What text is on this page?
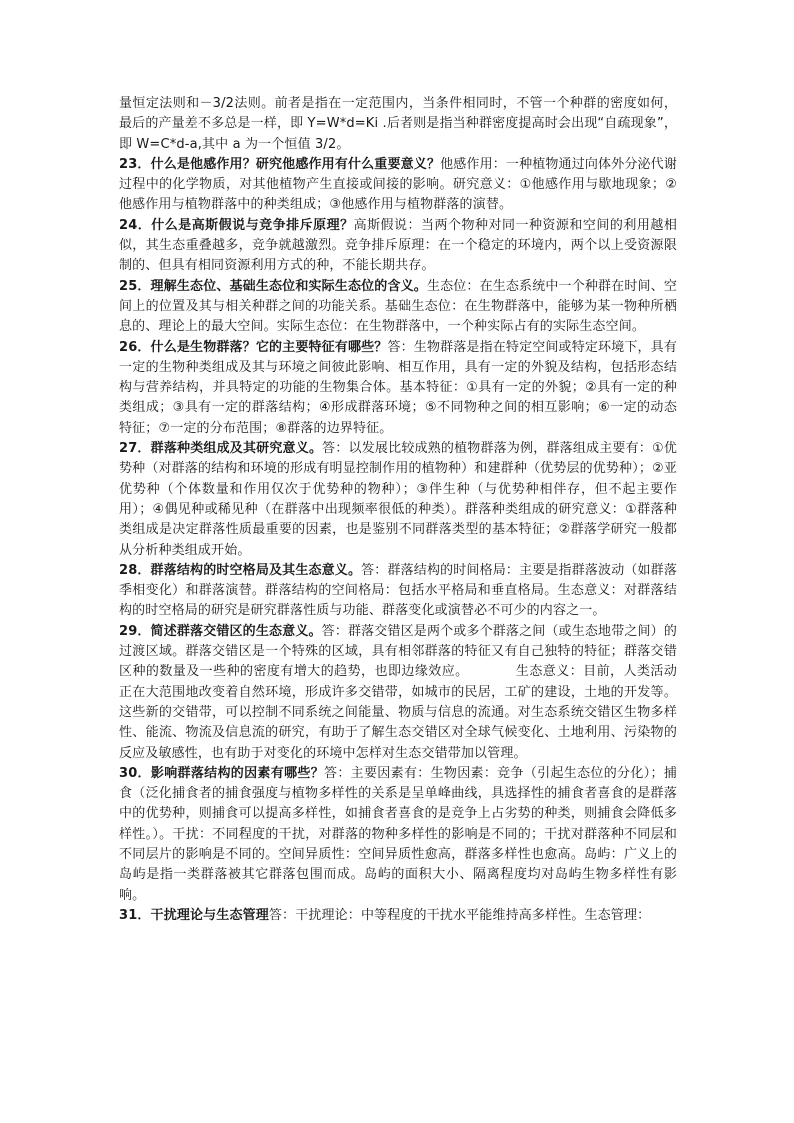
量恒定法则和－3/2法则。前者是指在一定范围内，当条件相同时，不管一个种群的密度如何，最后的产量差不多总是一样，即 Y=W*d=Ki .后者则是指当种群密度提高时会出现“自疏现象”，即 W=C*d-a,其中 a 为一个恒值 3/2。

23．什么是他感作用？研究他感作用有什么重要意义？他感作用：一种植物通过向体外分泌代谢过程中的化学物质，对其他植物产生直接或间接的影响。研究意义：①他感作用与歇地现象；②他感作用与植物群落中的种类组成；③他感作用与植物群落的演替。

24．什么是高斯假说与竞争排斥原理？高斯假说：当两个物种对同一种资源和空间的利用越相似，其生态重叠越多，竞争就越激烈。竞争排斥原理：在一个稳定的环境内，两个以上受资源限制的、但具有相同资源利用方式的种，不能长期共存。

25．理解生态位、基础生态位和实际生态位的含义。生态位：在生态系统中一个种群在时间、空间上的位置及其与相关种群之间的功能关系。基础生态位：在生物群落中，能够为某一物种所栖息的、理论上的最大空间。实际生态位：在生物群落中，一个种实际占有的实际生态空间。

26．什么是生物群落？它的主要特征有哪些？答：生物群落是指在特定空间或特定环境下，具有一定的生物种类组成及其与环境之间彼此影响、相互作用，具有一定的外貌及结构，包括形态结构与营养结构，并具特定的功能的生物集合体。基本特征：①具有一定的外貌；②具有一定的种类组成；③具有一定的群落结构；④形成群落环境；⑤不同物种之间的相互影响；⑥一定的动态特征；⑦一定的分布范围；⑧群落的边界特征。

27．群落种类组成及其研究意义。答：以发展比较成熟的植物群落为例，群落组成主要有：①优势种（对群落的结构和环境的形成有明显控制作用的植物种）和建群种（优势层的优势种）；②亚优势种（个体数量和作用仅次于优势种的物种）；③伴生种（与优势种相伴存，但不起主要作用）；④偶见种或稀见种（在群落中出现频率很低的种类）。群落种类组成的研究意义：①群落种类组成是决定群落性质最重要的因素，也是鉴别不同群落类型的基本特征；②群落学研究一般都从分析种类组成开始。

28．群落结构的时空格局及其生态意义。答：群落结构的时间格局：主要是指群落波动（如群落季相变化）和群落演替。群落结构的空间格局：包括水平格局和垂直格局。生态意义：对群落结构的时空格局的研究是研究群落性质与功能、群落变化或演替必不可少的内容之一。

29．简述群落交错区的生态意义。答：群落交错区是两个或多个群落之间（或生态地带之间）的过渡区域。群落交错区是一个特殊的区域，具有相邻群落的特征又有自己独特的特征；群落交错区种的数量及一些种的密度有增大的趋势，也即边缘效应。　　　　生态意义：目前，人类活动正在大范围地改变着自然环境，形成许多交错带，如城市的民居，工矿的建设，土地的开发等。这些新的交错带，可以控制不同系统之间能量、物质与信息的流通。对生态系统交错区生物多样性、能流、物流及信息流的研究，有助于了解生态交错区对全球气候变化、土地利用、污染物的反应及敏感性，也有助于对变化的环境中怎样对生态交错带加以管理。

30．影响群落结构的因素有哪些？答：主要因素有：生物因素：竞争（引起生态位的分化）；捕食（泛化捕食者的捕食强度与植物多样性的关系是呈单峰曲线，具选择性的捕食者喜食的是群落中的优势种，则捕食可以提高多样性，如捕食者喜食的是竞争上占劣势的种类，则捕食会降低多样性。）。干扰：不同程度的干扰，对群落的物种多样性的影响是不同的；干扰对群落种不同层和不同层片的影响是不同的。空间异质性：空间异质性愈高，群落多样性也愈高。岛屿：广义上的岛屿是指一类群落被其它群落包围而成。岛屿的面积大小、隔离程度均对岛屿生物多样性有影响。

31．干扰理论与生态管理答：干扰理论：中等程度的干扰水平能维持高多样性。生态管理：
